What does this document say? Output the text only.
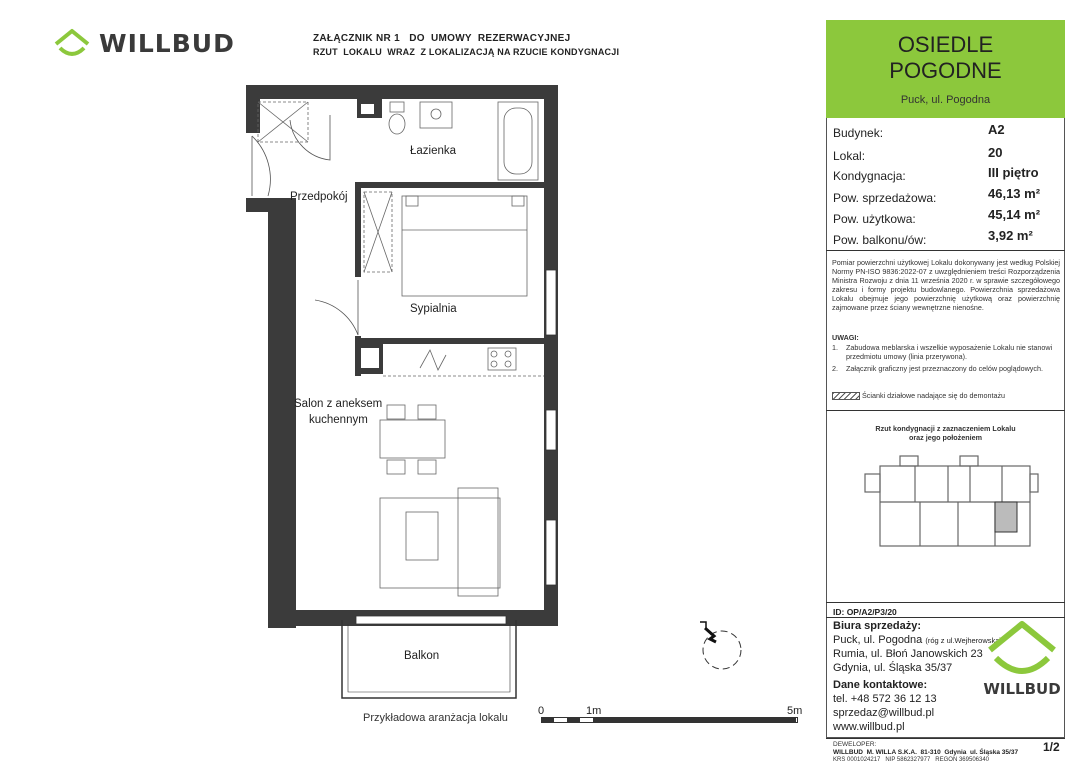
WILLBUD	ZAŁĄCZNIK NR 1   DO  UMOWY  REZERWACYJNEJ
RZUT  LOKALU  WRAZ  Z LOKALIZACJĄ NA RZUCIE KONDYGNACJI
Łazienka
Przedpokój
Sypialnia
Salon z aneksem
kuchennym
Balkon
Przykładowa aranżacja lokalu
0	1m	5m
OSIEDLE
POGODNE
Puck, ul. Pogodna
Budynek:	A2
Lokal:	20
Kondygnacja:	III piętro
Pow. sprzedażowa:	46,13 m²
Pow. użytkowa:	45,14 m²
Pow. balkonu/ów:	3,92 m²
Pomiar powierzchni użytkowej Lokalu dokonywany jest według Polskiej Normy PN-ISO 9836:2022-07 z uwzględnieniem treści Rozporządzenia Ministra Rozwoju z dnia 11 września 2020 r. w sprawie szczegółowego zakresu i formy projektu budowlanego. Powierzchnia sprzedażowa Lokalu obejmuje jego powierzchnię użytkową oraz powierzchnię zajmowane przez ściany wewnętrzne nienośne.
UWAGI:
1. Zabudowa meblarska i wszelkie wyposażenie Lokalu nie stanowi przedmiotu umowy (linia przerywona).
2. Załącznik graficzny jest przeznaczony do celów poglądowych.
Ścianki działowe nadające się do demontażu
Rzut kondygnacji z zaznaczeniem Lokalu
oraz jego położeniem
ID: OP/A2/P3/20
Biura sprzedaży:
Puck, ul. Pogodna (róg z ul.Wejherowską)
Rumia, ul. Błoń Janowskich 23
Gdynia, ul. Śląska 35/37
Dane kontaktowe:
tel. +48 572 36 12 13
sprzedaz@willbud.pl
www.willbud.pl
WILLBUD
DEWELOPER:
WILLBUD  M. WILLA S.K.A.  81-310  Gdynia  ul. Śląska 35/37
KRS 0001024217   NIP 5862327977   REGON 369506340
1/2
